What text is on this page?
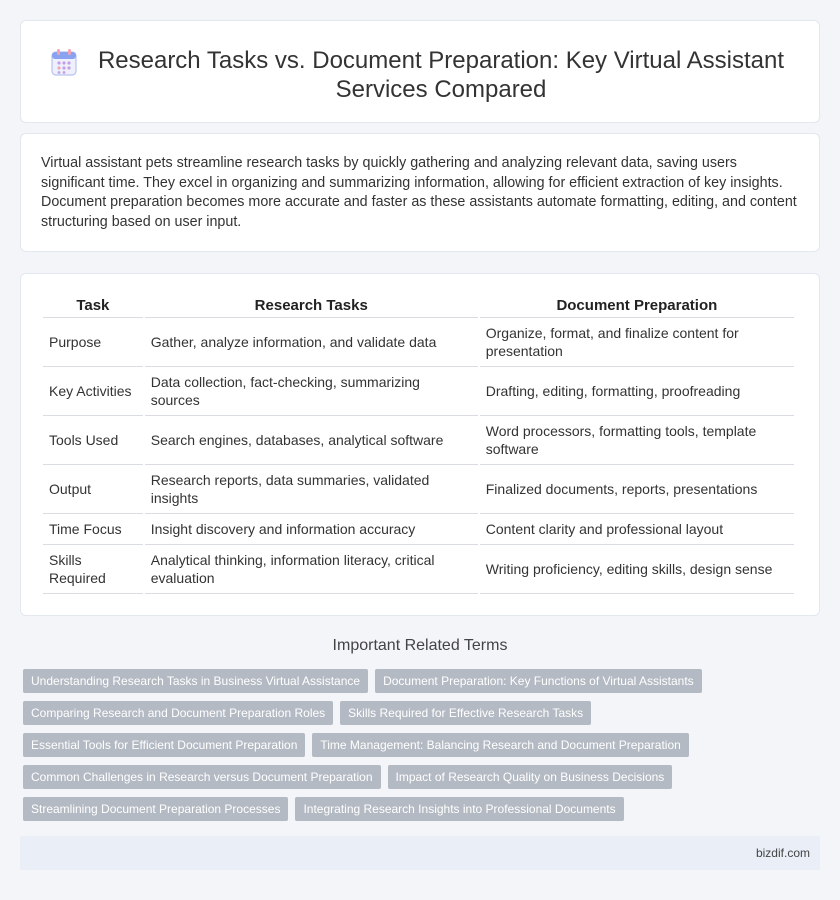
Research Tasks vs. Document Preparation: Key Virtual Assistant Services Compared

Virtual assistant pets streamline research tasks by quickly gathering and analyzing relevant data, saving users significant time. They excel in organizing and summarizing information, allowing for efficient extraction of key insights. Document preparation becomes more accurate and faster as these assistants automate formatting, editing, and content structuring based on user input.

Task	Research Tasks	Document Preparation
Purpose	Gather, analyze information, and validate data	Organize, format, and finalize content for presentation
Key Activities	Data collection, fact-checking, summarizing sources	Drafting, editing, formatting, proofreading
Tools Used	Search engines, databases, analytical software	Word processors, formatting tools, template software
Output	Research reports, data summaries, validated insights	Finalized documents, reports, presentations
Time Focus	Insight discovery and information accuracy	Content clarity and professional layout
Skills Required	Analytical thinking, information literacy, critical evaluation	Writing proficiency, editing skills, design sense
Important Related Terms
Understanding Research Tasks in Business Virtual Assistance	Document Preparation: Key Functions of Virtual Assistants
Comparing Research and Document Preparation Roles	Skills Required for Effective Research Tasks
Essential Tools for Efficient Document Preparation	Time Management: Balancing Research and Document Preparation
Common Challenges in Research versus Document Preparation	Impact of Research Quality on Business Decisions
Streamlining Document Preparation Processes	Integrating Research Insights into Professional Documents
bizdif.com
